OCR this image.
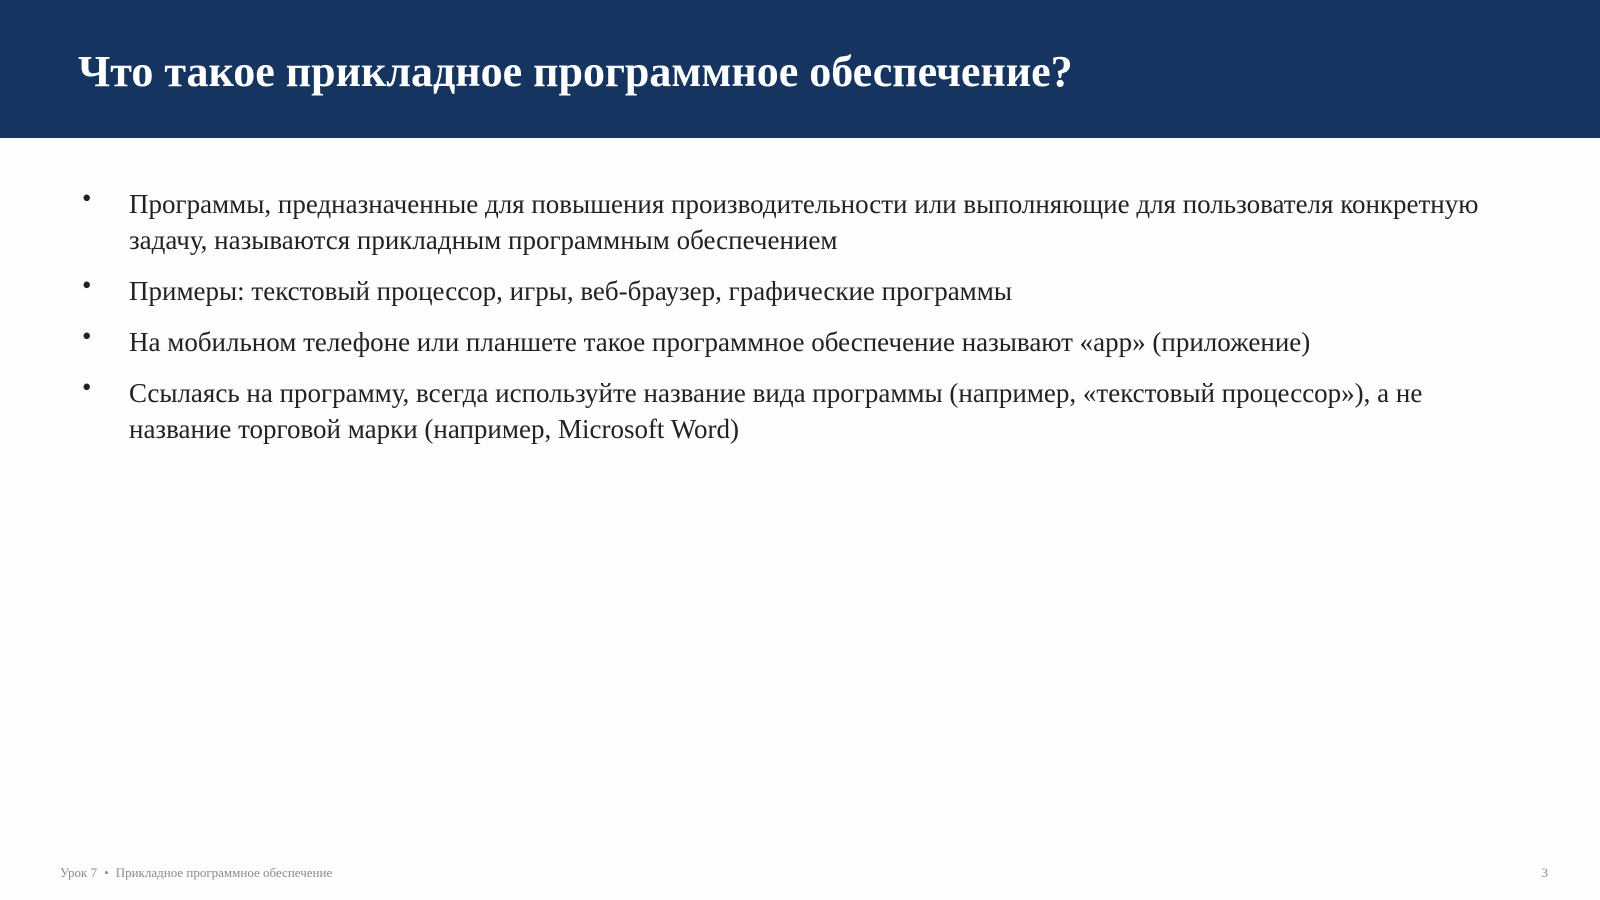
Что такое прикладное программное обеспечение?
• Программы, предназначенные для повышения производительности или выполняющие для пользователя конкретную задачу, называются прикладным программным обеспечением
• Примеры: текстовый процессор, игры, веб-браузер, графические программы
• На мобильном телефоне или планшете такое программное обеспечение называют «app» (приложение)
• Ссылаясь на программу, всегда используйте название вида программы (например, «текстовый процессор»), а не название торговой марки (например, Microsoft Word)
Урок 7 • Прикладное программное обеспечение	3
